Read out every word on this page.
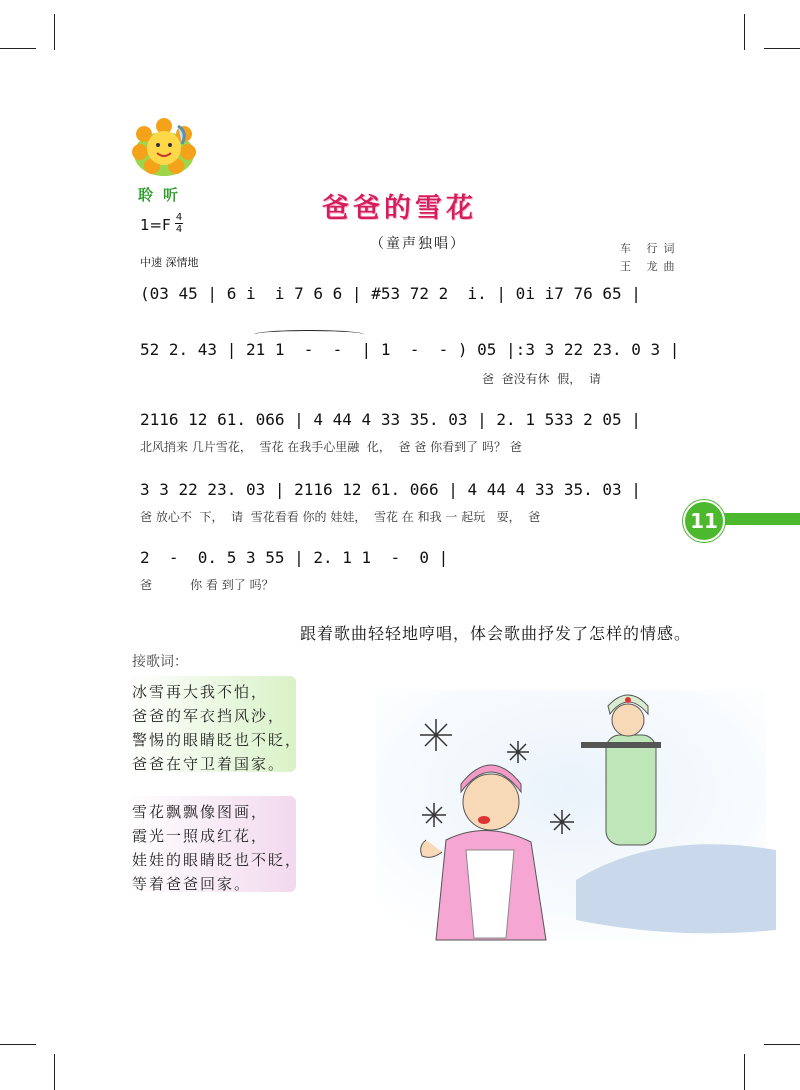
聆听	爸爸的雪花
（童声独唱）
1=F 4
4
中速 深情地
车 行词
王 龙曲
(03 45 | 6 i  i 7 6 6 | #53 72 2  i. | 0i i7 76 65 |
52 2. 43 | 21 1  -  -  | 1  -  - ) 05 |:3 3 22 23. 0 3 |
爸  爸没有休  假，  请
2116 12 61. 066 | 4 44 4 33 35. 03 | 2. 1 533 2 05 |
北风捎来 几片雪花，  雪花 在我手心里融  化，  爸 爸 你看到了 吗？ 爸
3 3 22 23. 03 | 2116 12 61. 066 | 4 44 4 33 35. 03 |
爸 放心不  下，  请  雪花看看 你的 娃娃，  雪花 在 和我 一 起玩   耍，  爸
2  -  0. 5 3 55 | 2. 1 1  -  0 |
爸          你 看 到了 吗？
11
跟着歌曲轻轻地哼唱，体会歌曲抒发了怎样的情感。
接歌词：
冰雪再大我不怕，
爸爸的军衣挡风沙，
警惕的眼睛眨也不眨，
爸爸在守卫着国家。
雪花飘飘像图画，
霞光一照成红花，
娃娃的眼睛眨也不眨，
等着爸爸回家。
